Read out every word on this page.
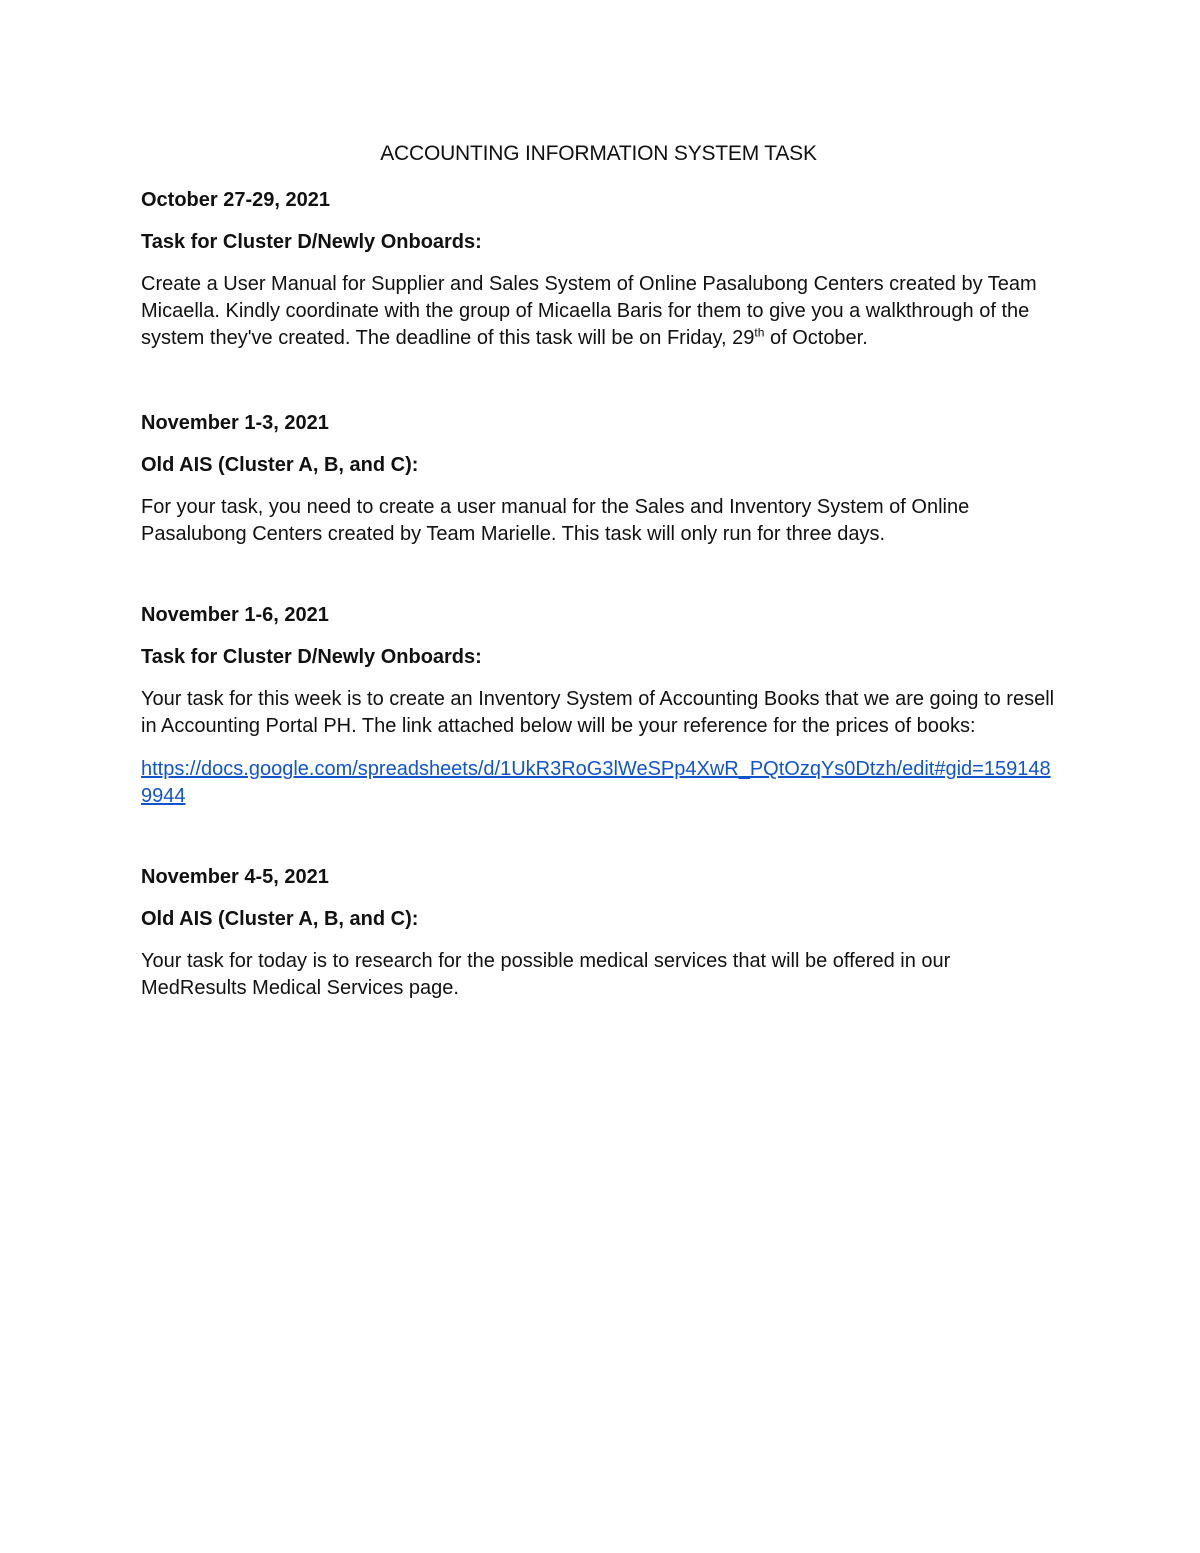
ACCOUNTING INFORMATION SYSTEM TASK
October 27-29, 2021
Task for Cluster D/Newly Onboards:

Create a User Manual for Supplier and Sales System of Online Pasalubong Centers created by Team Micaella. Kindly coordinate with the group of Micaella Baris for them to give you a walkthrough of the system they've created. The deadline of this task will be on Friday, 29th of October.

November 1-3, 2021
Old AIS (Cluster A, B, and C):

For your task, you need to create a user manual for the Sales and Inventory System of Online Pasalubong Centers created by Team Marielle. This task will only run for three days.

November 1-6, 2021
Task for Cluster D/Newly Onboards:

Your task for this week is to create an Inventory System of Accounting Books that we are going to resell in Accounting Portal PH. The link attached below will be your reference for the prices of books:

https://docs.google.com/spreadsheets/d/1UkR3RoG3lWeSPp4XwR_PQtOzqYs0Dtzh/edit#gid=1591489944
November 4-5, 2021
Old AIS (Cluster A, B, and C):

Your task for today is to research for the possible medical services that will be offered in our MedResults Medical Services page.
